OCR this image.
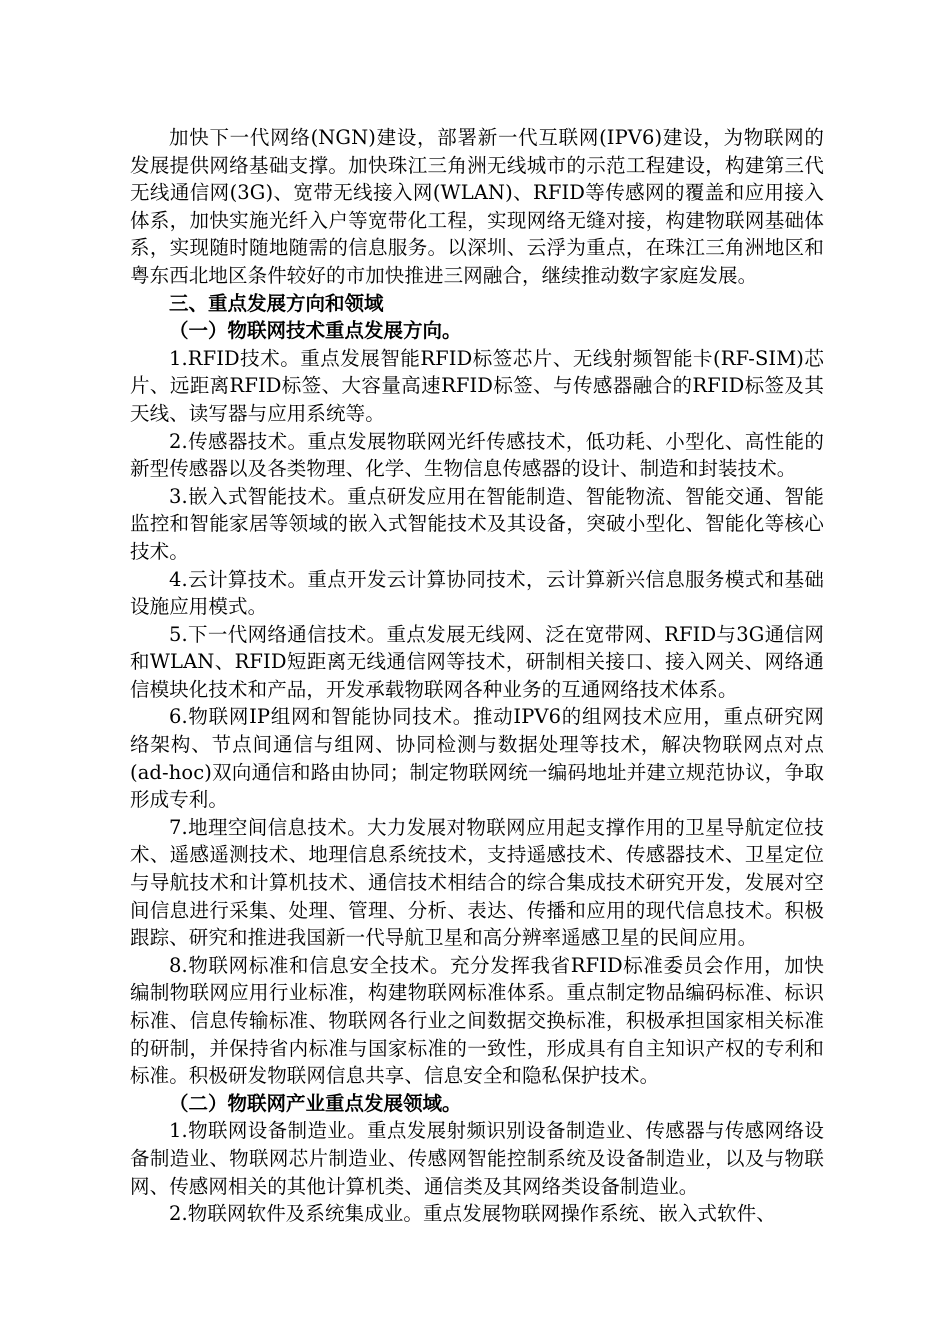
加快下一代网络(NGN)建设，部署新一代互联网(IPV6)建设，为物联网的发展提供网络基础支撑。加快珠江三角洲无线城市的示范工程建设，构建第三代无线通信网(3G)、宽带无线接入网(WLAN)、RFID等传感网的覆盖和应用接入体系，加快实施光纤入户等宽带化工程，实现网络无缝对接，构建物联网基础体系，实现随时随地随需的信息服务。以深圳、云浮为重点，在珠江三角洲地区和粤东西北地区条件较好的市加快推进三网融合，继续推动数字家庭发展。

三、重点发展方向和领域

（一）物联网技术重点发展方向。

1.RFID技术。重点发展智能RFID标签芯片、无线射频智能卡(RF-SIM)芯片、远距离RFID标签、大容量高速RFID标签、与传感器融合的RFID标签及其天线、读写器与应用系统等。

2.传感器技术。重点发展物联网光纤传感技术，低功耗、小型化、高性能的新型传感器以及各类物理、化学、生物信息传感器的设计、制造和封装技术。

3.嵌入式智能技术。重点研发应用在智能制造、智能物流、智能交通、智能监控和智能家居等领域的嵌入式智能技术及其设备，突破小型化、智能化等核心技术。

4.云计算技术。重点开发云计算协同技术，云计算新兴信息服务模式和基础设施应用模式。

5.下一代网络通信技术。重点发展无线网、泛在宽带网、RFID与3G通信网和WLAN、RFID短距离无线通信网等技术，研制相关接口、接入网关、网络通信模块化技术和产品，开发承载物联网各种业务的互通网络技术体系。

6.物联网IP组网和智能协同技术。推动IPV6的组网技术应用，重点研究网络架构、节点间通信与组网、协同检测与数据处理等技术，解决物联网点对点(ad-hoc)双向通信和路由协同；制定物联网统一编码地址并建立规范协议，争取形成专利。

7.地理空间信息技术。大力发展对物联网应用起支撑作用的卫星导航定位技术、遥感遥测技术、地理信息系统技术，支持遥感技术、传感器技术、卫星定位与导航技术和计算机技术、通信技术相结合的综合集成技术研究开发，发展对空间信息进行采集、处理、管理、分析、表达、传播和应用的现代信息技术。积极跟踪、研究和推进我国新一代导航卫星和高分辨率遥感卫星的民间应用。

8.物联网标准和信息安全技术。充分发挥我省RFID标准委员会作用，加快编制物联网应用行业标准，构建物联网标准体系。重点制定物品编码标准、标识标准、信息传输标准、物联网各行业之间数据交换标准，积极承担国家相关标准的研制，并保持省内标准与国家标准的一致性，形成具有自主知识产权的专利和标准。积极研发物联网信息共享、信息安全和隐私保护技术。

（二）物联网产业重点发展领域。

1.物联网设备制造业。重点发展射频识别设备制造业、传感器与传感网络设备制造业、物联网芯片制造业、传感网智能控制系统及设备制造业，以及与物联网、传感网相关的其他计算机类、通信类及其网络类设备制造业。

2.物联网软件及系统集成业。重点发展物联网操作系统、嵌入式软件、
